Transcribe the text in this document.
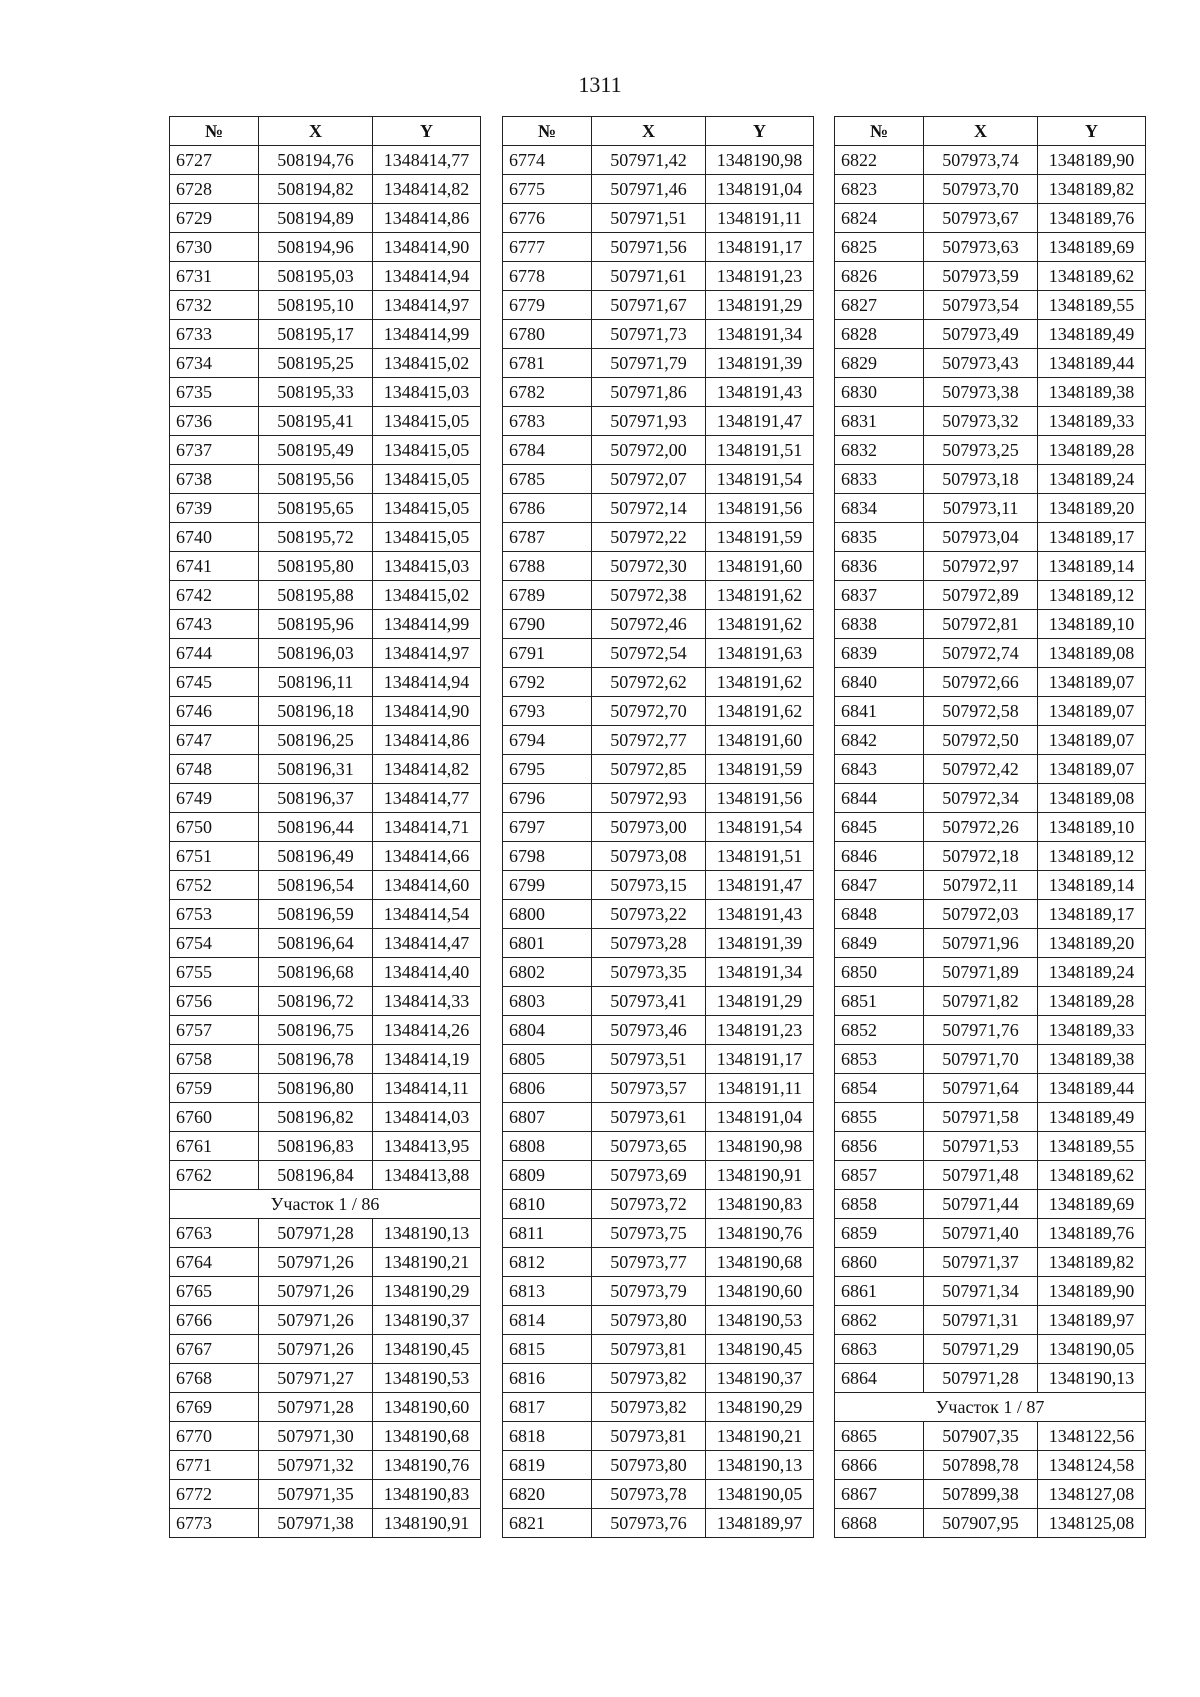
1311
№	X	Y
6727	508194,76	1348414,77
6728	508194,82	1348414,82
6729	508194,89	1348414,86
6730	508194,96	1348414,90
6731	508195,03	1348414,94
6732	508195,10	1348414,97
6733	508195,17	1348414,99
6734	508195,25	1348415,02
6735	508195,33	1348415,03
6736	508195,41	1348415,05
6737	508195,49	1348415,05
6738	508195,56	1348415,05
6739	508195,65	1348415,05
6740	508195,72	1348415,05
6741	508195,80	1348415,03
6742	508195,88	1348415,02
6743	508195,96	1348414,99
6744	508196,03	1348414,97
6745	508196,11	1348414,94
6746	508196,18	1348414,90
6747	508196,25	1348414,86
6748	508196,31	1348414,82
6749	508196,37	1348414,77
6750	508196,44	1348414,71
6751	508196,49	1348414,66
6752	508196,54	1348414,60
6753	508196,59	1348414,54
6754	508196,64	1348414,47
6755	508196,68	1348414,40
6756	508196,72	1348414,33
6757	508196,75	1348414,26
6758	508196,78	1348414,19
6759	508196,80	1348414,11
6760	508196,82	1348414,03
6761	508196,83	1348413,95
6762	508196,84	1348413,88
Участок 1 / 86		
6763	507971,28	1348190,13
6764	507971,26	1348190,21
6765	507971,26	1348190,29
6766	507971,26	1348190,37
6767	507971,26	1348190,45
6768	507971,27	1348190,53
6769	507971,28	1348190,60
6770	507971,30	1348190,68
6771	507971,32	1348190,76
6772	507971,35	1348190,83
6773	507971,38	1348190,91
№	X	Y
6774	507971,42	1348190,98
6775	507971,46	1348191,04
6776	507971,51	1348191,11
6777	507971,56	1348191,17
6778	507971,61	1348191,23
6779	507971,67	1348191,29
6780	507971,73	1348191,34
6781	507971,79	1348191,39
6782	507971,86	1348191,43
6783	507971,93	1348191,47
6784	507972,00	1348191,51
6785	507972,07	1348191,54
6786	507972,14	1348191,56
6787	507972,22	1348191,59
6788	507972,30	1348191,60
6789	507972,38	1348191,62
6790	507972,46	1348191,62
6791	507972,54	1348191,63
6792	507972,62	1348191,62
6793	507972,70	1348191,62
6794	507972,77	1348191,60
6795	507972,85	1348191,59
6796	507972,93	1348191,56
6797	507973,00	1348191,54
6798	507973,08	1348191,51
6799	507973,15	1348191,47
6800	507973,22	1348191,43
6801	507973,28	1348191,39
6802	507973,35	1348191,34
6803	507973,41	1348191,29
6804	507973,46	1348191,23
6805	507973,51	1348191,17
6806	507973,57	1348191,11
6807	507973,61	1348191,04
6808	507973,65	1348190,98
6809	507973,69	1348190,91
6810	507973,72	1348190,83
6811	507973,75	1348190,76
6812	507973,77	1348190,68
6813	507973,79	1348190,60
6814	507973,80	1348190,53
6815	507973,81	1348190,45
6816	507973,82	1348190,37
6817	507973,82	1348190,29
6818	507973,81	1348190,21
6819	507973,80	1348190,13
6820	507973,78	1348190,05
6821	507973,76	1348189,97
№	X	Y
6822	507973,74	1348189,90
6823	507973,70	1348189,82
6824	507973,67	1348189,76
6825	507973,63	1348189,69
6826	507973,59	1348189,62
6827	507973,54	1348189,55
6828	507973,49	1348189,49
6829	507973,43	1348189,44
6830	507973,38	1348189,38
6831	507973,32	1348189,33
6832	507973,25	1348189,28
6833	507973,18	1348189,24
6834	507973,11	1348189,20
6835	507973,04	1348189,17
6836	507972,97	1348189,14
6837	507972,89	1348189,12
6838	507972,81	1348189,10
6839	507972,74	1348189,08
6840	507972,66	1348189,07
6841	507972,58	1348189,07
6842	507972,50	1348189,07
6843	507972,42	1348189,07
6844	507972,34	1348189,08
6845	507972,26	1348189,10
6846	507972,18	1348189,12
6847	507972,11	1348189,14
6848	507972,03	1348189,17
6849	507971,96	1348189,20
6850	507971,89	1348189,24
6851	507971,82	1348189,28
6852	507971,76	1348189,33
6853	507971,70	1348189,38
6854	507971,64	1348189,44
6855	507971,58	1348189,49
6856	507971,53	1348189,55
6857	507971,48	1348189,62
6858	507971,44	1348189,69
6859	507971,40	1348189,76
6860	507971,37	1348189,82
6861	507971,34	1348189,90
6862	507971,31	1348189,97
6863	507971,29	1348190,05
6864	507971,28	1348190,13
Участок 1 / 87		
6865	507907,35	1348122,56
6866	507898,78	1348124,58
6867	507899,38	1348127,08
6868	507907,95	1348125,08
